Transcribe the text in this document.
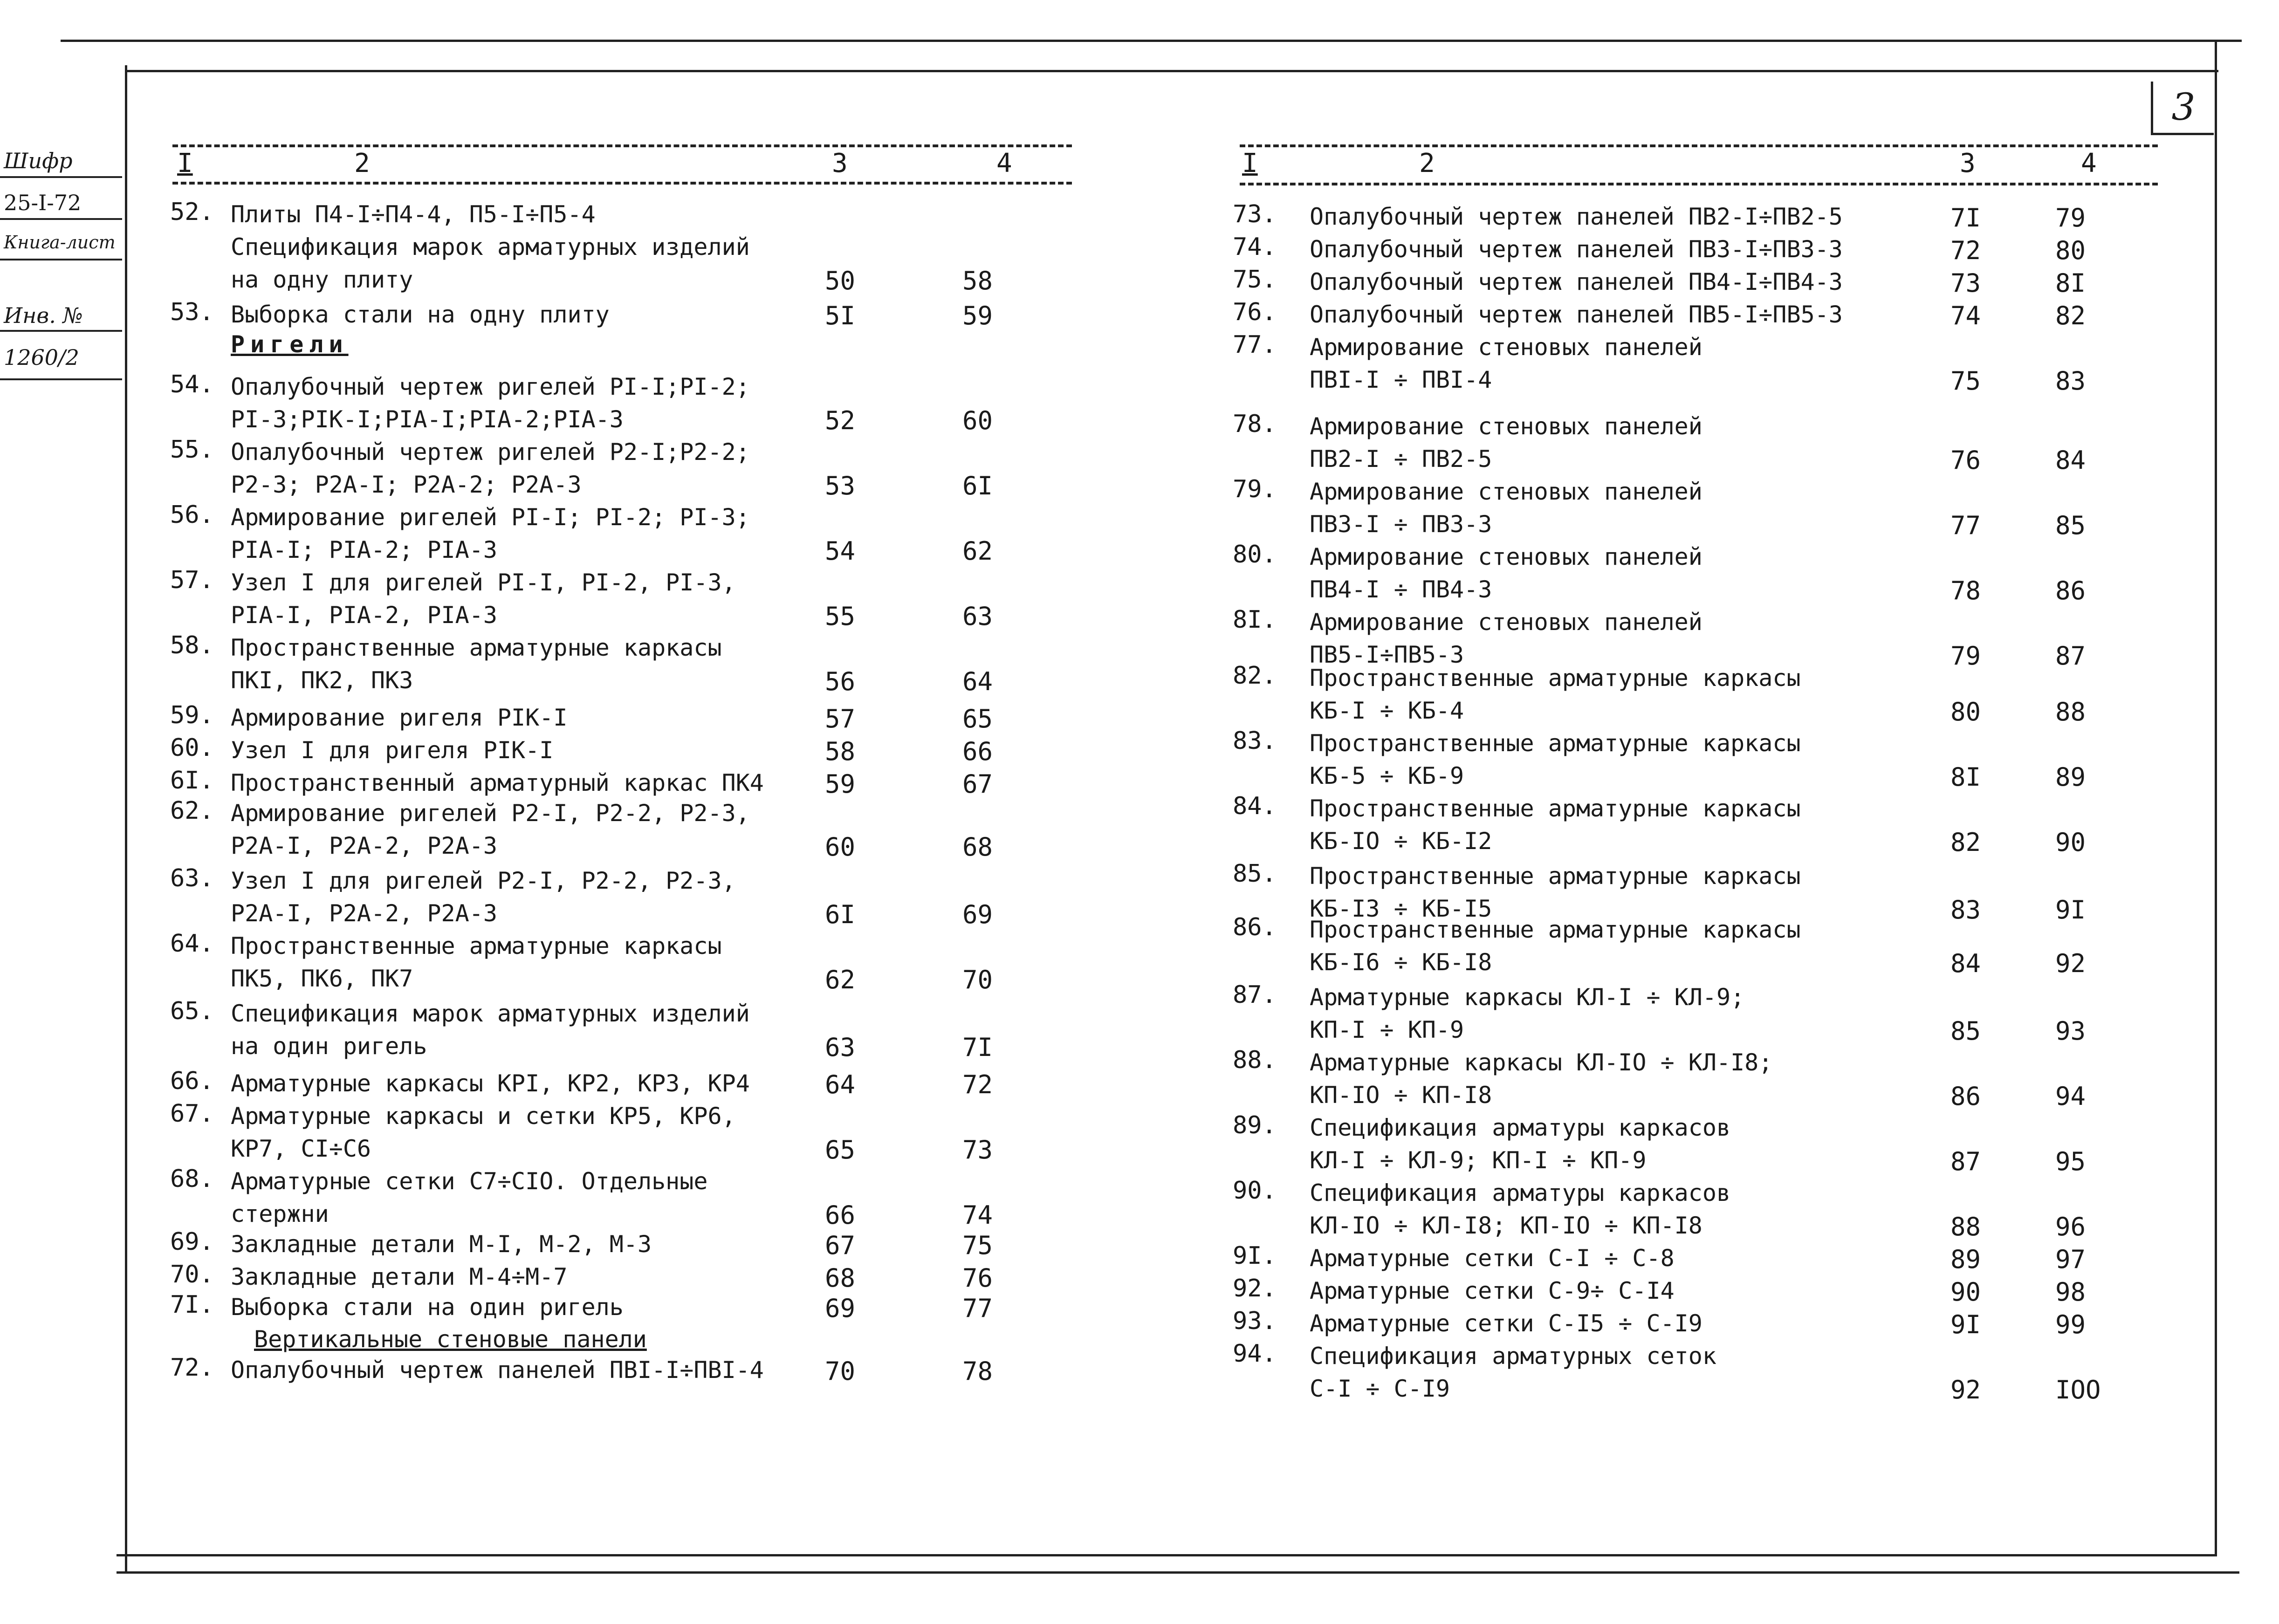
Шифр
25-I-72
Книга-лист
Инв. №
1260/2
3
I	2	3	4	I	2	3	4
52. Плиты П4-I÷П4-4, П5-I÷П5-4
Спецификация марок арматурных изделий
на одну плиту	50	58
53. Выборка стали на одну плиту	5I	59
Ригели
54. Опалубочный чертеж ригелей PI-I;PI-2;
PI-3;PIK-I;PIA-I;PIA-2;PIA-3	52	60
55. Опалубочный чертеж ригелей P2-I;P2-2;
P2-3; P2A-I; P2A-2; P2A-3	53	6I
56. Армирование ригелей PI-I; PI-2; PI-3;
PIA-I; PIA-2; PIA-3	54	62
57. Узел I для ригелей PI-I, PI-2, PI-3,
PIA-I, PIA-2, PIA-3	55	63
58. Пространственные арматурные каркасы
ПКI, ПК2, ПК3	56	64
59. Армирование ригеля PIK-I	57	65
60. Узел I для ригеля PIK-I	58	66
6I. Пространственный арматурный каркас ПК4 59	67
62. Армирование ригелей P2-I, P2-2, P2-3,
P2A-I, P2A-2, P2A-3	60	68
63. Узел I для ригелей P2-I, P2-2, P2-3,
P2A-I, P2A-2, P2A-3	6I	69
64. Пространственные арматурные каркасы
ПК5, ПК6, ПК7	62	70
65. Спецификация марок арматурных изделий
на один ригель	63	7I
66. Арматурные каркасы KPI, KP2, KP3, KP4	64	72
67. Арматурные каркасы и сетки KP5, KP6,
KP7, CI÷C6	65	73
68. Арматурные сетки C7÷CIO. Отдельные
стержни	66	74
69. Закладные детали M-I, M-2, M-3	67	75
70. Закладные детали M-4÷M-7	68	76
7I. Выборка стали на один ригель	69	77
Вертикальные стеновые панели
72. Опалубочный чертеж панелей ПВI-I÷ПВI-4 70	78
73. Опалубочный чертеж панелей ПВ2-I÷ПВ2-5	7I	79
74. Опалубочный чертеж панелей ПВ3-I÷ПВ3-3	72	80
75. Опалубочный чертеж панелей ПВ4-I÷ПВ4-3	73	8I
76. Опалубочный чертеж панелей ПВ5-I÷ПВ5-3	74	82
77. Армирование стеновых панелей
ПВI-I ÷ ПВI-4	75	83
78. Армирование стеновых панелей
ПВ2-I ÷ ПВ2-5	76	84
79. Армирование стеновых панелей
ПВ3-I ÷ ПВ3-3	77	85
80. Армирование стеновых панелей
ПВ4-I ÷ ПВ4-3	78	86
8I. Армирование стеновых панелей
ПВ5-I÷ПВ5-3	79	87
82. Пространственные арматурные каркасы
КБ-I ÷ КБ-4	80	88
83. Пространственные арматурные каркасы
КБ-5 ÷ КБ-9	8I	89
84. Пространственные арматурные каркасы
КБ-IO ÷ КБ-I2	82	90
85. Пространственные арматурные каркасы
КБ-I3 ÷ КБ-I5	83	9I
86. Пространственные арматурные каркасы
КБ-I6 ÷ КБ-I8	84	92
87. Арматурные каркасы КЛ-I ÷ КЛ-9;
КП-I ÷ КП-9	85	93
88. Арматурные каркасы КЛ-IO ÷ КЛ-I8;
КП-IO ÷ КП-I8	86	94
89. Спецификация арматуры каркасов
КЛ-I ÷ КЛ-9; КП-I ÷ КП-9	87	95
90. Спецификация арматуры каркасов
КЛ-IO ÷ КЛ-I8; КП-IO ÷ КП-I8	88	96
9I. Арматурные сетки С-I ÷ С-8	89	97
92. Арматурные сетки С-9÷ С-I4	90	98
93. Арматурные сетки С-I5 ÷ С-I9	9I	99
94. Спецификация арматурных сеток
С-I ÷ С-I9	92	IOO
